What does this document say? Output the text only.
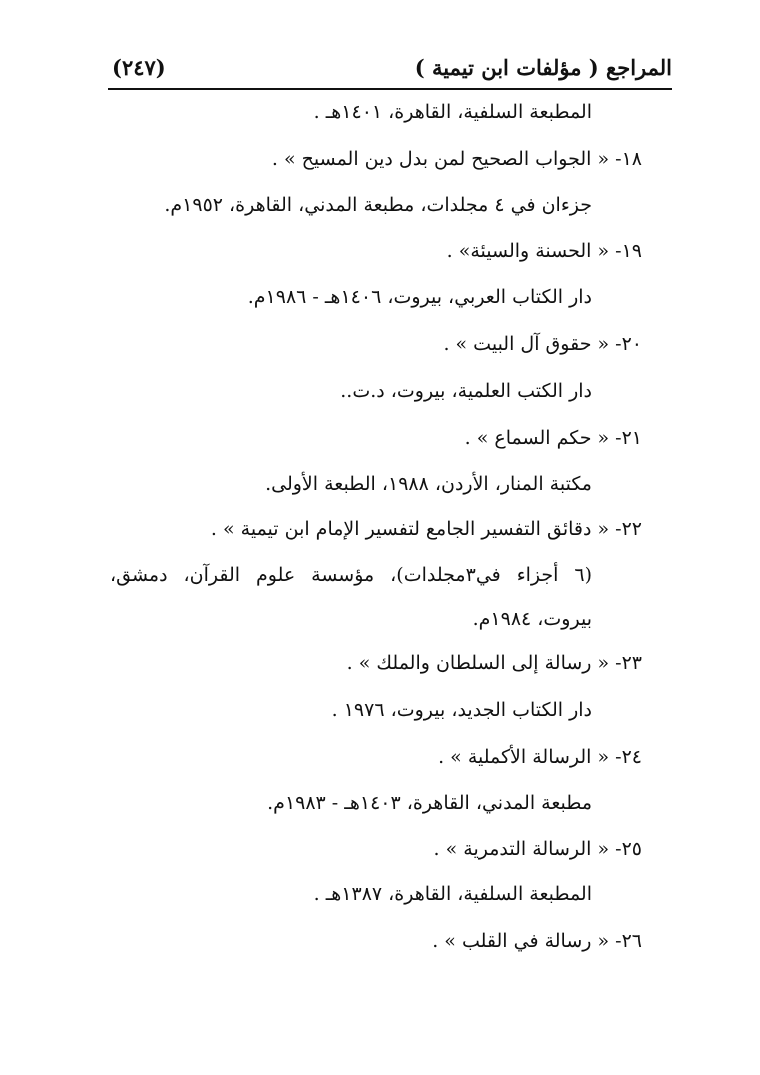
المراجع ( مؤلفات ابن تيمية )
(٢٤٧)
المطبعة السلفية، القاهرة، ١٤٠١هـ .
١٨- « الجواب الصحيح لمن بدل دين المسيح » .
جزءان في ٤ مجلدات، مطبعة المدني، القاهرة، ١٩٥٢م.
١٩- « الحسنة والسيئة» .
دار الكتاب العربي، بيروت، ١٤٠٦هـ - ١٩٨٦م.
٢٠- « حقوق آل البيت » .
دار الكتب العلمية، بيروت، د.ت..
٢١- « حكم السماع » .
مكتبة المنار، الأردن، ١٩٨٨، الطبعة الأولى.
٢٢- « دقائق التفسير الجامع لتفسير الإمام ابن تيمية » .
(٦ أجزاء في٣مجلدات)، مؤسسة علوم القرآن، دمشق،
بيروت، ١٩٨٤م.
٢٣- « رسالة إلى السلطان والملك » .
دار الكتاب الجديد، بيروت، ١٩٧٦ .
٢٤- « الرسالة الأكملية » .
مطبعة المدني، القاهرة، ١٤٠٣هـ - ١٩٨٣م.
٢٥- « الرسالة التدمرية » .
المطبعة السلفية، القاهرة، ١٣٨٧هـ .
٢٦- « رسالة في القلب » .
